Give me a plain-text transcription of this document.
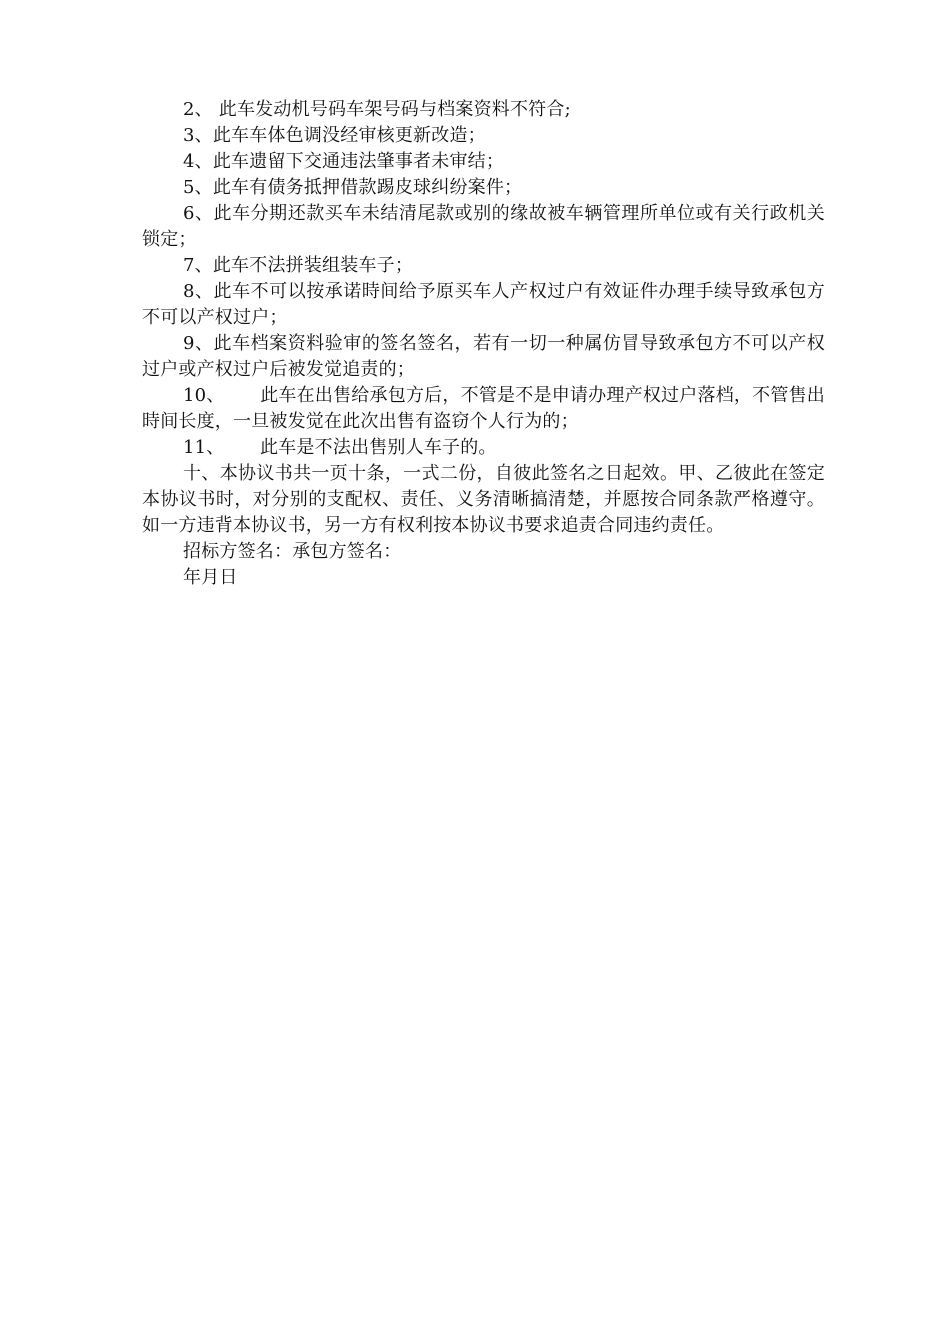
2、 此车发动机号码车架号码与档案资料不符合;

3、此车车体色调没经审核更新改造；

4、此车遗留下交通违法肇事者未审结；

5、此车有债务抵押借款踢皮球纠纷案件；

6、此车分期还款买车未结清尾款或别的缘故被车辆管理所单位或有关行政机关锁定；

7、此车不法拼装组装车子；

8、此车不可以按承诺時间给予原买车人产权过户有效证件办理手续导致承包方不可以产权过户；

9、此车档案资料验审的签名签名，若有一切一种属仿冒导致承包方不可以产权过户或产权过户后被发觉追责的；

10、      此车在出售给承包方后，不管是不是申请办理产权过户落档，不管售出 時间长度，一旦被发觉在此次出售有盗窃个人行为的；

11、      此车是不法出售别人车子的。

十、本协议书共一页十条，一式二份，自彼此签名之日起效。甲、乙彼此在签定本协议书时，对分别的支配权、责任、义务清晰搞清楚，并愿按合同条款严格遵守。如一方违背本协议书，另一方有权利按本协议书要求追责合同违约责任。

招标方签名：承包方签名：

年月日
